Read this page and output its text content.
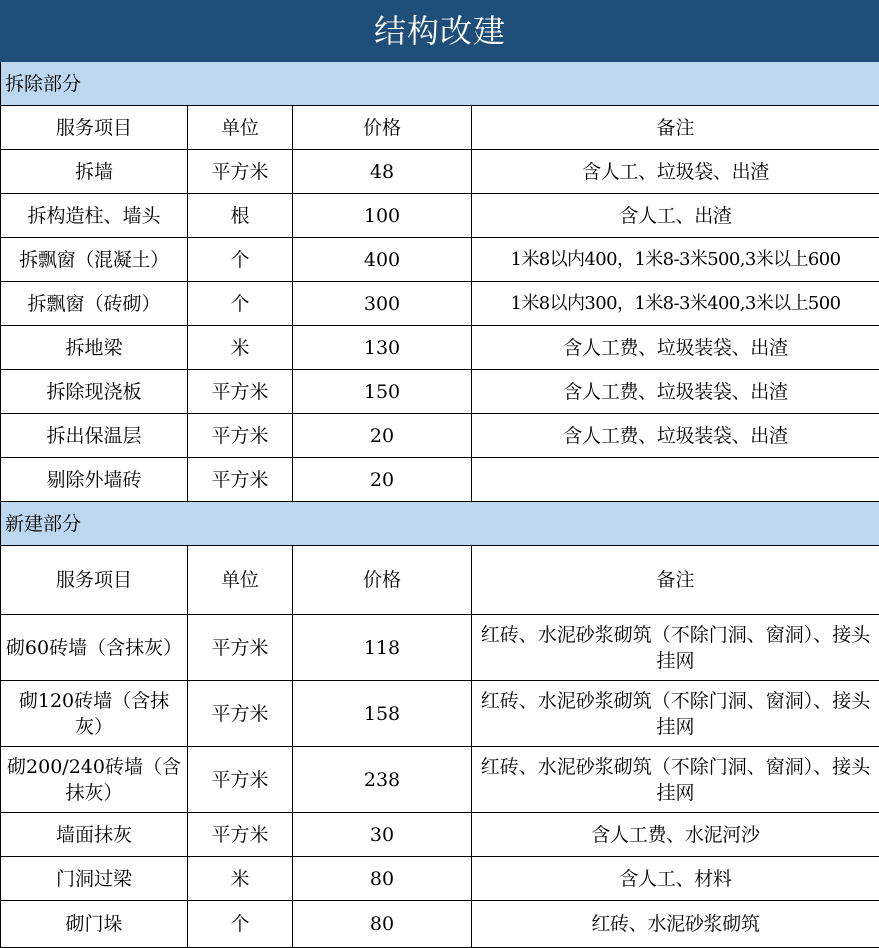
结构改建			
拆除部分			
服务项目	单位	价格	备注
拆墙	平方米	48	含人工、垃圾袋、出渣
拆构造柱、墙头	根	100	含人工、出渣
拆飘窗（混凝土）	个	400	1米8以内400，1米8-3米500,3米以上600
拆飘窗（砖砌）	个	300	1米8以内300，1米8-3米400,3米以上500
拆地梁	米	130	含人工费、垃圾装袋、出渣
拆除现浇板	平方米	150	含人工费、垃圾装袋、出渣
拆出保温层	平方米	20	含人工费、垃圾装袋、出渣
剔除外墙砖	平方米	20	
新建部分			
服务项目	单位	价格	备注
砌60砖墙（含抹灰）	平方米	118	红砖、水泥砂浆砌筑（不除门洞、窗洞）、接头挂网
砌120砖墙（含抹灰）	平方米	158	红砖、水泥砂浆砌筑（不除门洞、窗洞）、接头挂网
砌200/240砖墙（含抹灰）	平方米	238	红砖、水泥砂浆砌筑（不除门洞、窗洞）、接头挂网
墙面抹灰	平方米	30	含人工费、水泥河沙
门洞过梁	米	80	含人工、材料
砌门垛	个	80	红砖、水泥砂浆砌筑
